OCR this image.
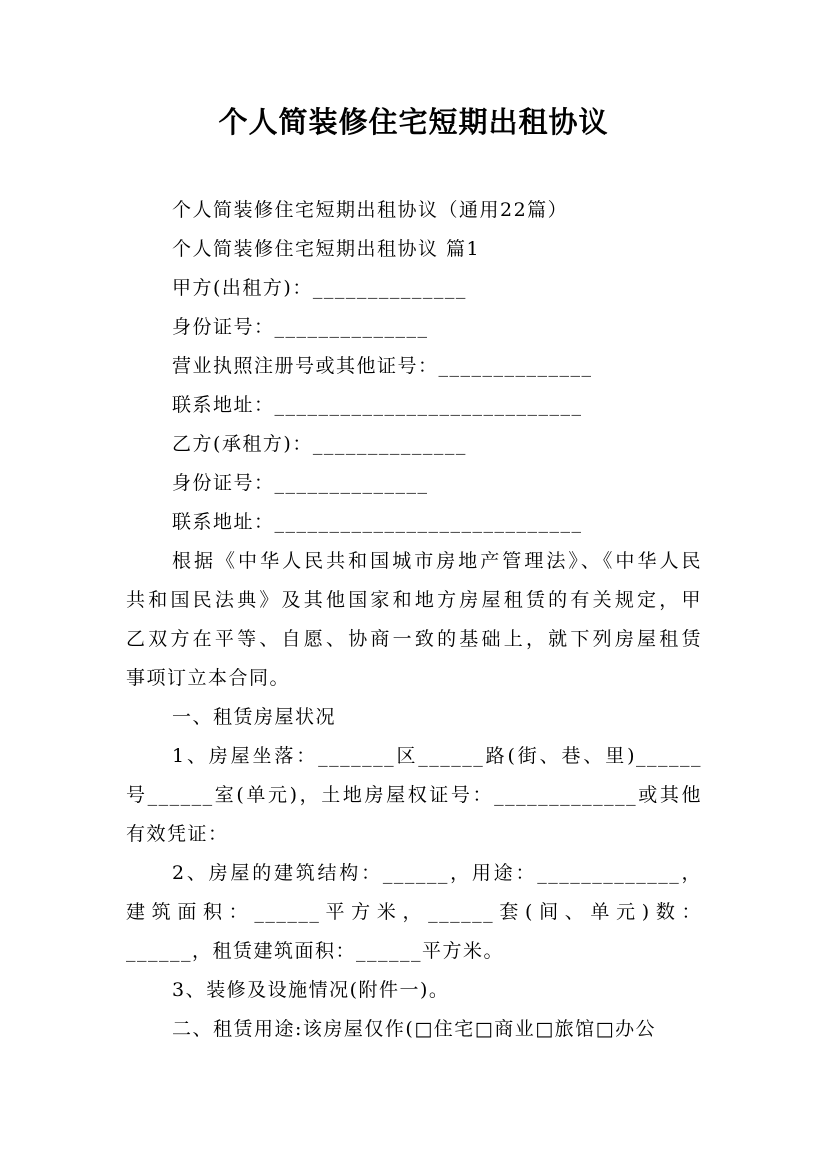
个人简装修住宅短期出租协议
个人简装修住宅短期出租协议（通用22篇）
个人简装修住宅短期出租协议 篇1
甲方(出租方)：______________
身份证号：______________
营业执照注册号或其他证号：______________
联系地址：____________________________
乙方(承租方)：______________
身份证号：______________
联系地址：____________________________
根据《中华人民共和国城市房地产管理法》、《中华人民
共和国民法典》及其他国家和地方房屋租赁的有关规定，甲
乙双方在平等、自愿、协商一致的基础上，就下列房屋租赁
事项订立本合同。
一、租赁房屋状况
1、房屋坐落：_______区______路(街、巷、里)______
号______室(单元)，土地房屋权证号：_____________或其他
有效凭证：
2、房屋的建筑结构：______，用途：_____________，
建筑面积：______平方米，______套(间、单元)数：
______，租赁建筑面积：______平方米。
3、装修及设施情况(附件一)。
二、租赁用途:该房屋仅作(□住宅□商业□旅馆□办公
